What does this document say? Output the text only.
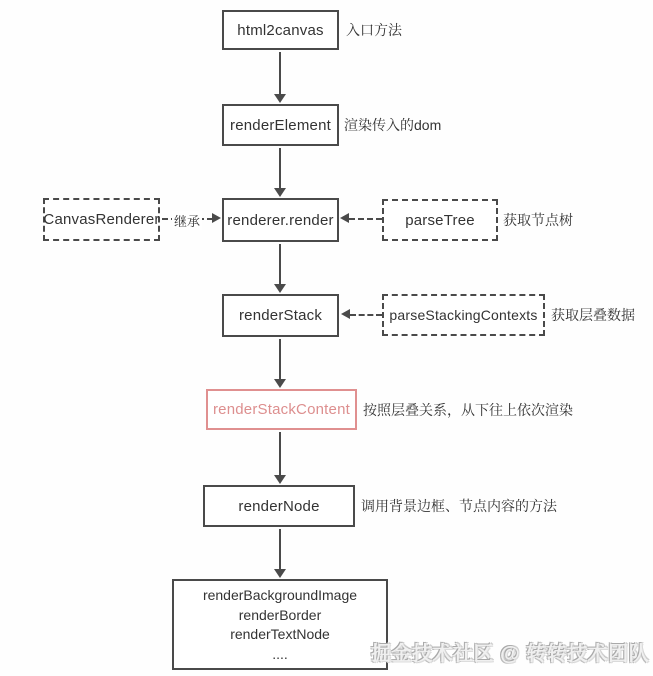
html2canvas 入口方法
renderElement 渲染传入的dom
CanvasRenderer 继承 renderer.render	parseTree 获取节点树
renderStack	parseStackingContexts 获取层叠数据
renderStackContent 按照层叠关系，从下往上依次渲染
renderNode	调用背景边框、节点内容的方法
renderBackgroundImage
renderBorder
renderTextNode
....	掘金技术社区 @ 转转技术团队
